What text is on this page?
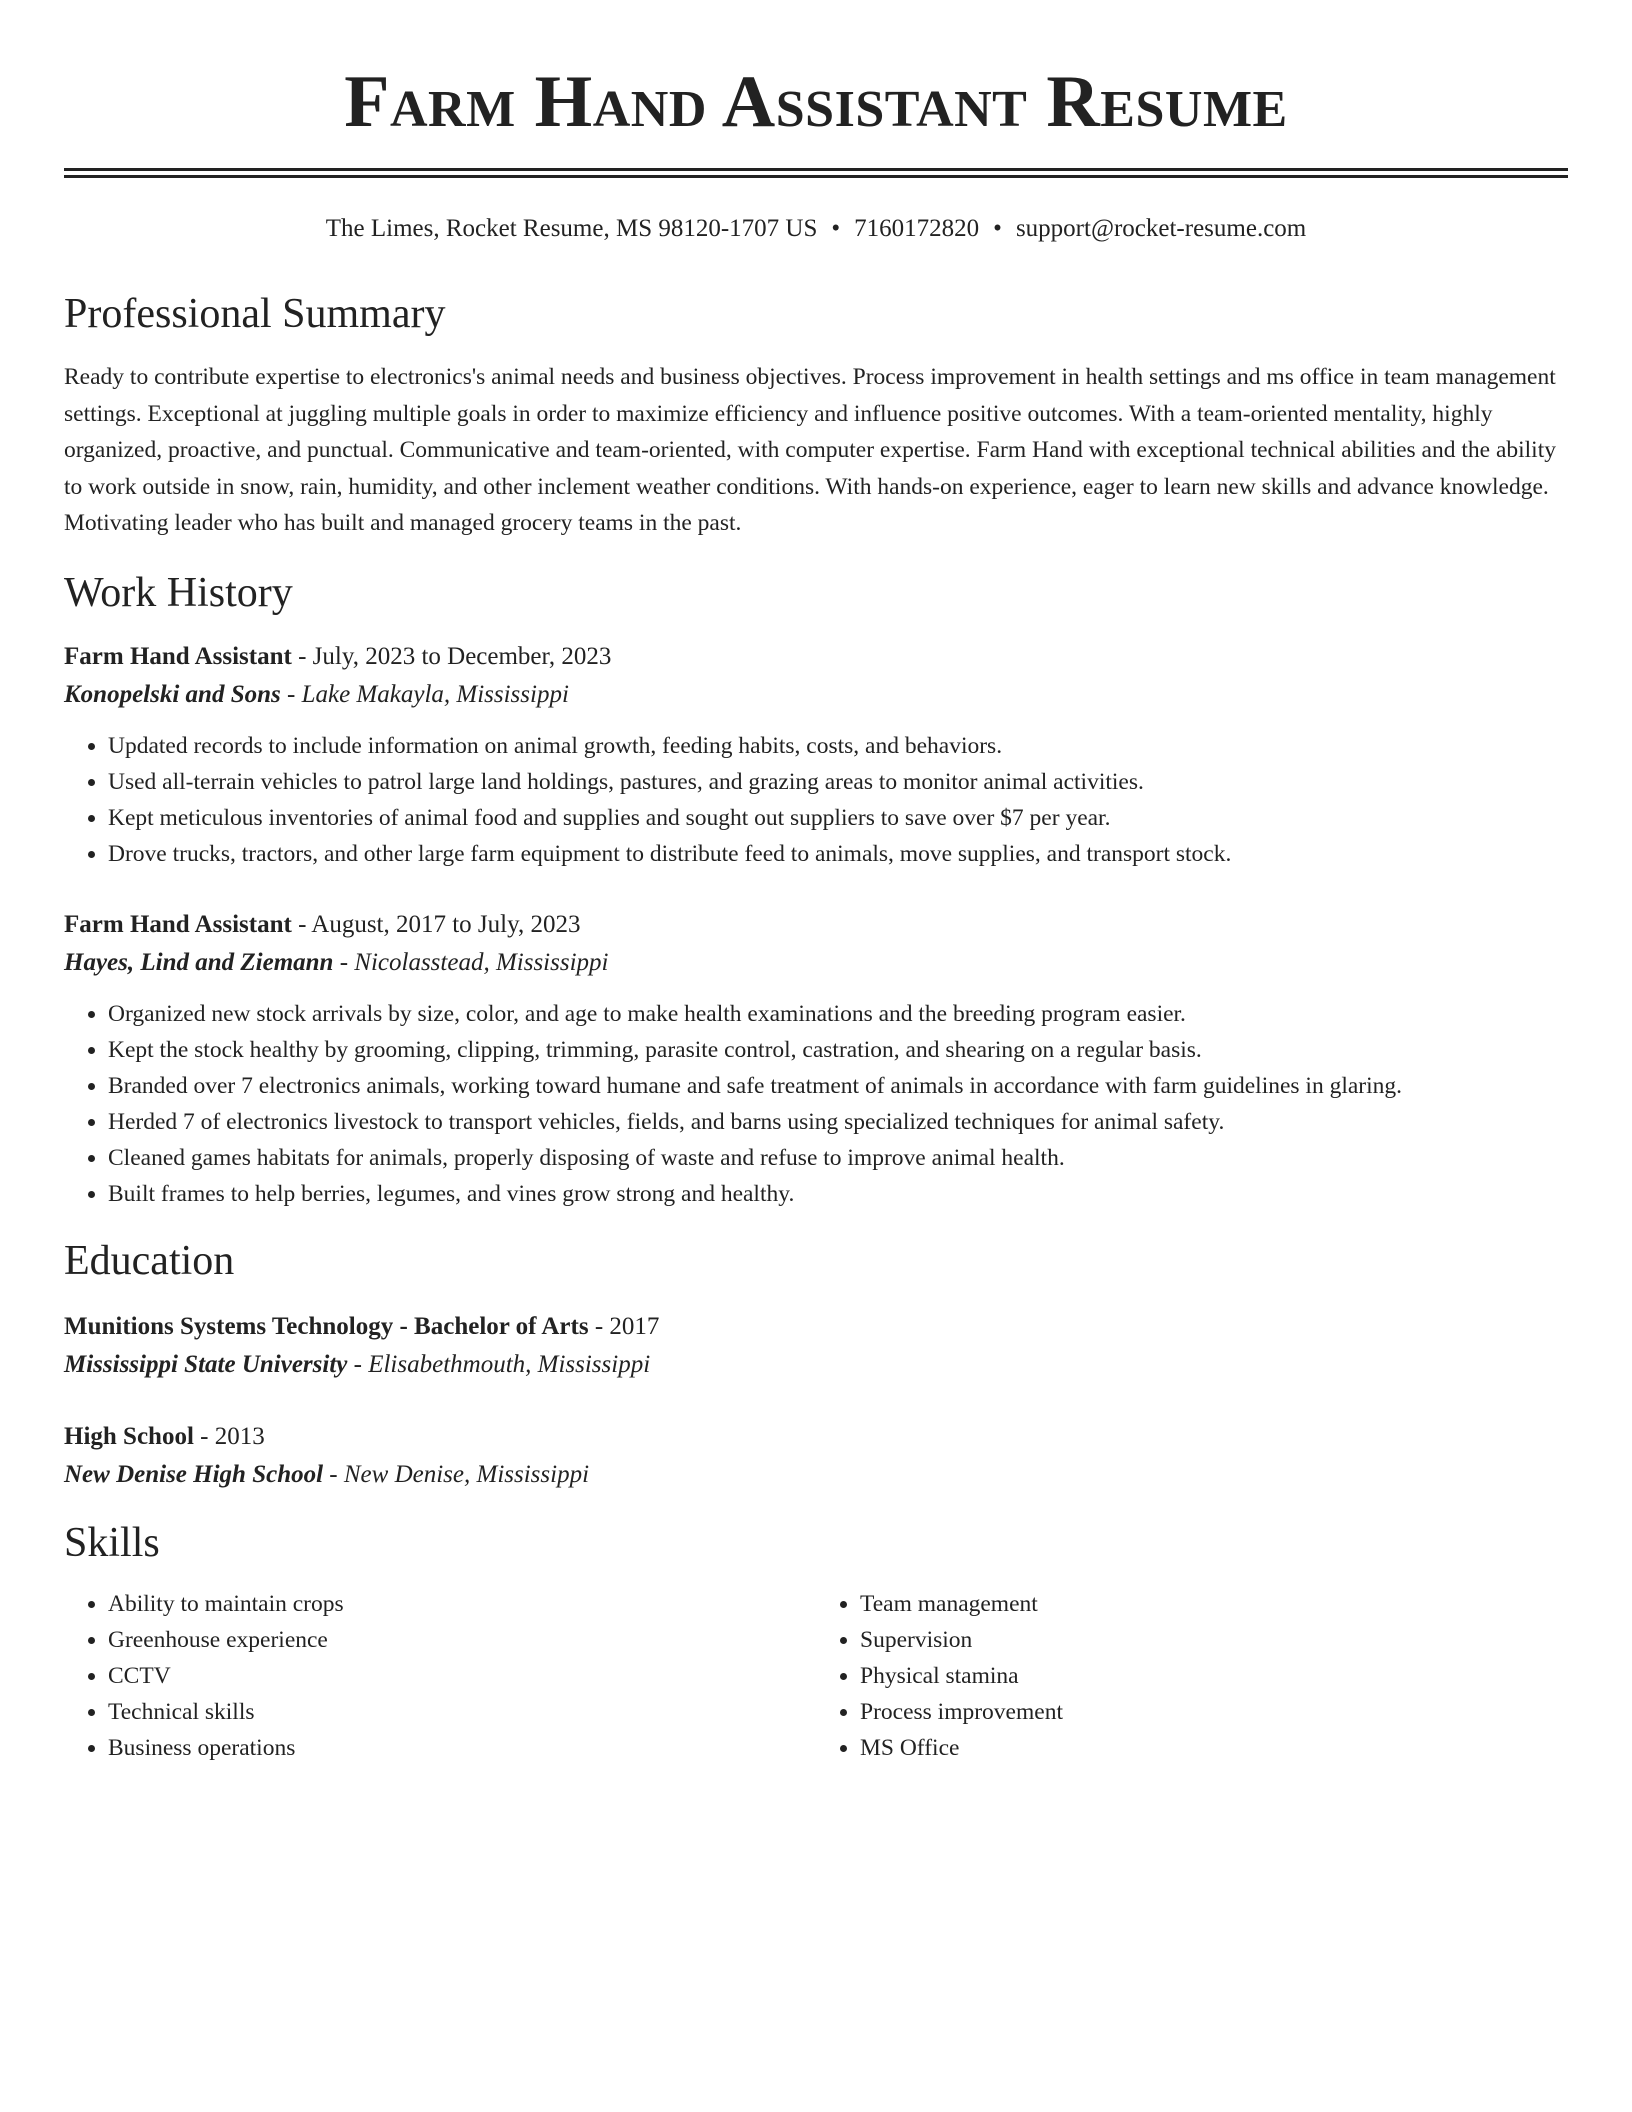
Farm Hand Assistant Resume
The Limes, Rocket Resume, MS 98120-1707 US • 7160172820 • support@rocket-resume.com
Professional Summary
Ready to contribute expertise to electronics's animal needs and business objectives. Process improvement in health settings and ms office in team management settings. Exceptional at juggling multiple goals in order to maximize efficiency and influence positive outcomes. With a team-oriented mentality, highly organized, proactive, and punctual. Communicative and team-oriented, with computer expertise. Farm Hand with exceptional technical abilities and the ability to work outside in snow, rain, humidity, and other inclement weather conditions. With hands-on experience, eager to learn new skills and advance knowledge. Motivating leader who has built and managed grocery teams in the past.
Work History
Farm Hand Assistant - July, 2023 to December, 2023
Konopelski and Sons - Lake Makayla, Mississippi
• Updated records to include information on animal growth, feeding habits, costs, and behaviors.
• Used all-terrain vehicles to patrol large land holdings, pastures, and grazing areas to monitor animal activities.
• Kept meticulous inventories of animal food and supplies and sought out suppliers to save over $7 per year.
• Drove trucks, tractors, and other large farm equipment to distribute feed to animals, move supplies, and transport stock.
Farm Hand Assistant - August, 2017 to July, 2023
Hayes, Lind and Ziemann - Nicolasstead, Mississippi
• Organized new stock arrivals by size, color, and age to make health examinations and the breeding program easier.
• Kept the stock healthy by grooming, clipping, trimming, parasite control, castration, and shearing on a regular basis.
• Branded over 7 electronics animals, working toward humane and safe treatment of animals in accordance with farm guidelines in glaring.
• Herded 7 of electronics livestock to transport vehicles, fields, and barns using specialized techniques for animal safety.
• Cleaned games habitats for animals, properly disposing of waste and refuse to improve animal health.
• Built frames to help berries, legumes, and vines grow strong and healthy.
Education
Munitions Systems Technology - Bachelor of Arts - 2017
Mississippi State University - Elisabethmouth, Mississippi
High School - 2013
New Denise High School - New Denise, Mississippi
Skills
• Ability to maintain crops
• Greenhouse experience
• CCTV
• Technical skills
• Business operations
• Team management
• Supervision
• Physical stamina
• Process improvement
• MS Office
